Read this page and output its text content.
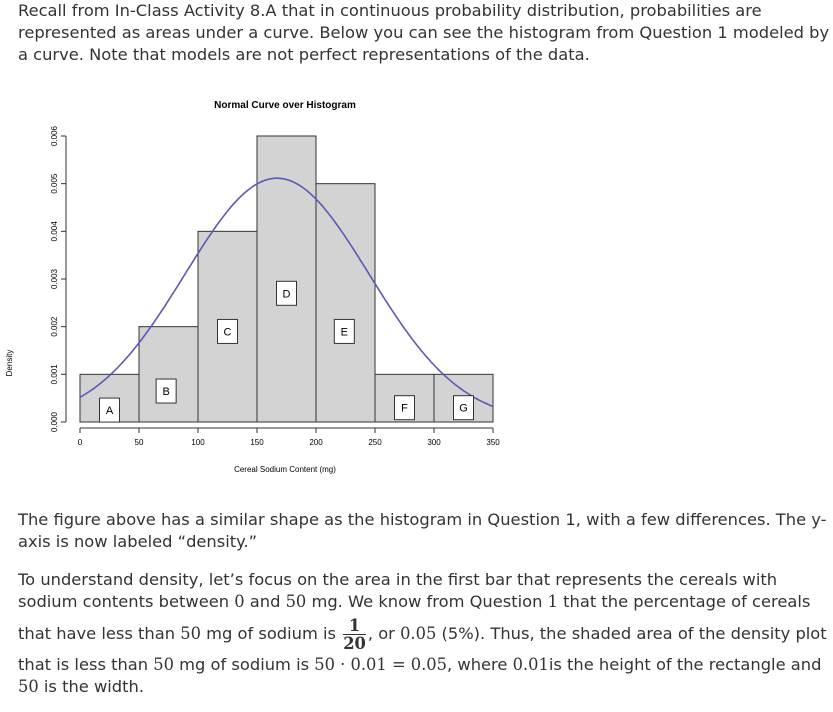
Recall from In-Class Activity 8.A that in continuous probability distribution, probabilities are
represented as areas under a curve. Below you can see the histogram from Question 1 modeled by
a curve. Note that models are not perfect representations of the data.
Normal Curve over Histogram
Density
Cereal Sodium Content (mg)
0.000
0.001
0.002
0.003
0.004
0.005
0.006
0	50	100	150	200	250	300	350
A
B
C
D
E
F	G
The figure above has a similar shape as the histogram in Question 1, with a few differences. The y-
axis is now labeled “density.”
To understand density, let’s focus on the area in the first bar that represents the cereals with
sodium contents between 0 and 50 mg. We know from Question 1 that the percentage of cereals
that have less than 50 mg of sodium is $\frac{1}{20}$ , or 0.05 (5%). Thus, the shaded area of the density plot
that is less than 50 mg of sodium is 50 · 0.01 = 0.05, where 0.01is the height of the rectangle and
50 is the width.
